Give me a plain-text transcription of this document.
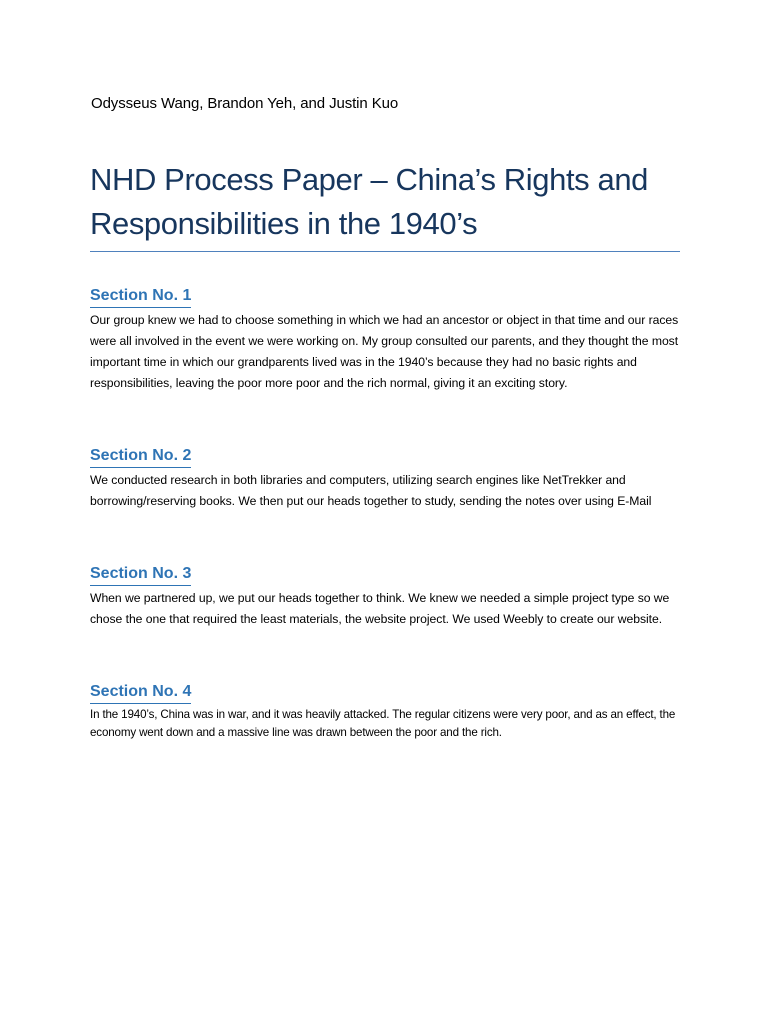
Odysseus Wang, Brandon Yeh, and Justin Kuo
NHD Process Paper – China’s Rights and Responsibilities in the 1940’s
Section No. 1
Our group knew we had to choose something in which we had an ancestor or object in that time and our races were all involved in the event we were working on. My group consulted our parents, and they thought the most important time in which our grandparents lived was in the 1940’s because they had no basic rights and responsibilities, leaving the poor more poor and the rich normal, giving it an exciting story.
Section No. 2
We conducted research in both libraries and computers, utilizing search engines like NetTrekker and borrowing/reserving books. We then put our heads together to study, sending the notes over using E-Mail
Section No. 3
When we partnered up, we put our heads together to think. We knew we needed a simple project type so we chose the one that required the least materials, the website project. We used Weebly to create our website.
Section No. 4
In the 1940’s, China was in war, and it was heavily attacked. The regular citizens were very poor, and as an effect, the economy went down and a massive line was drawn between the poor and the rich.
